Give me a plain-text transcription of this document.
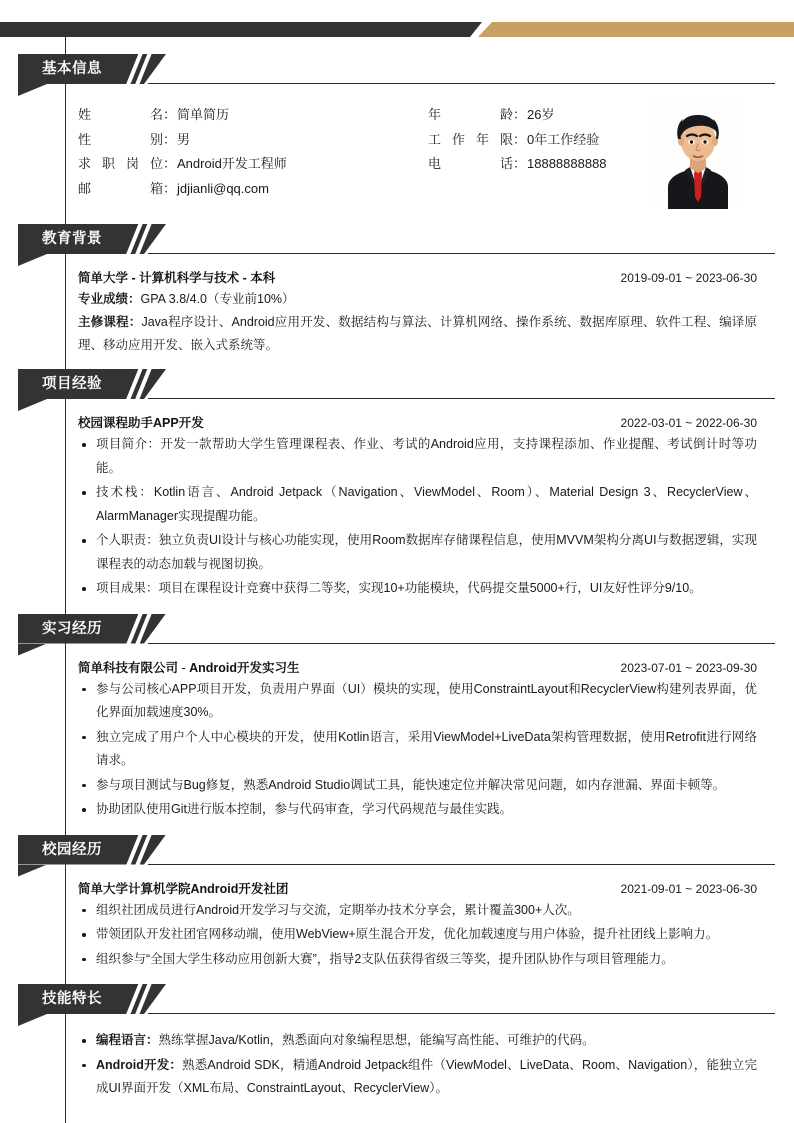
基本信息
姓	名 ： 简单简历
性	别 ： 男
求 职 岗 位 ： Android开发工程师
邮	箱 ： jdjianli@qq.com
年	龄 ： 26岁
工 作 年 限 ： 0年工作经验
电	话 ： 18888888888
教育背景
简单大学 - 计算机科学与技术 - 本科	2019-09-01 ~ 2023-06-30
专业成绩：GPA 3.8/4.0（专业前10%）
主修课程：Java程序设计、Android应用开发、数据结构与算法、计算机网络、操作系统、数据库原理、软件工程、编译原理、移动应用开发、嵌入式系统等。
项目经验
校园课程助手APP开发	2022-03-01 ~ 2022-06-30
项目简介：开发一款帮助大学生管理课程表、作业、考试的Android应用，支持课程添加、作业提醒、考试倒计时等功能。
技术栈：Kotlin语言、Android Jetpack（Navigation、ViewModel、Room）、Material Design 3、RecyclerView、AlarmManager实现提醒功能。
个人职责：独立负责UI设计与核心功能实现，使用Room数据库存储课程信息，使用MVVM架构分离UI与数据逻辑，实现课程表的动态加载与视图切换。
项目成果：项目在课程设计竞赛中获得二等奖，实现10+功能模块，代码提交量5000+行，UI友好性评分9/10。
实习经历
简单科技有限公司 - Android开发实习生	2023-07-01 ~ 2023-09-30
参与公司核心APP项目开发，负责用户界面（UI）模块的实现，使用ConstraintLayout和RecyclerView构建列表界面，优化界面加载速度30%。
独立完成了用户个人中心模块的开发，使用Kotlin语言，采用ViewModel+LiveData架构管理数据，使用Retrofit进行网络请求。
参与项目测试与Bug修复，熟悉Android Studio调试工具，能快速定位并解决常见问题，如内存泄漏、界面卡顿等。
协助团队使用Git进行版本控制，参与代码审查，学习代码规范与最佳实践。
校园经历
简单大学计算机学院Android开发社团	2021-09-01 ~ 2023-06-30
组织社团成员进行Android开发学习与交流，定期举办技术分享会，累计覆盖300+人次。
带领团队开发社团官网移动端，使用WebView+原生混合开发，优化加载速度与用户体验，提升社团线上影响力。
组织参与“全国大学生移动应用创新大赛”，指导2支队伍获得省级三等奖，提升团队协作与项目管理能力。
技能特长
编程语言：熟练掌握Java/Kotlin，熟悉面向对象编程思想，能编写高性能、可维护的代码。
Android开发：熟悉Android SDK，精通Android Jetpack组件（ViewModel、LiveData、Room、Navigation），能独立完成UI界面开发（XML布局、ConstraintLayout、RecyclerView）。
